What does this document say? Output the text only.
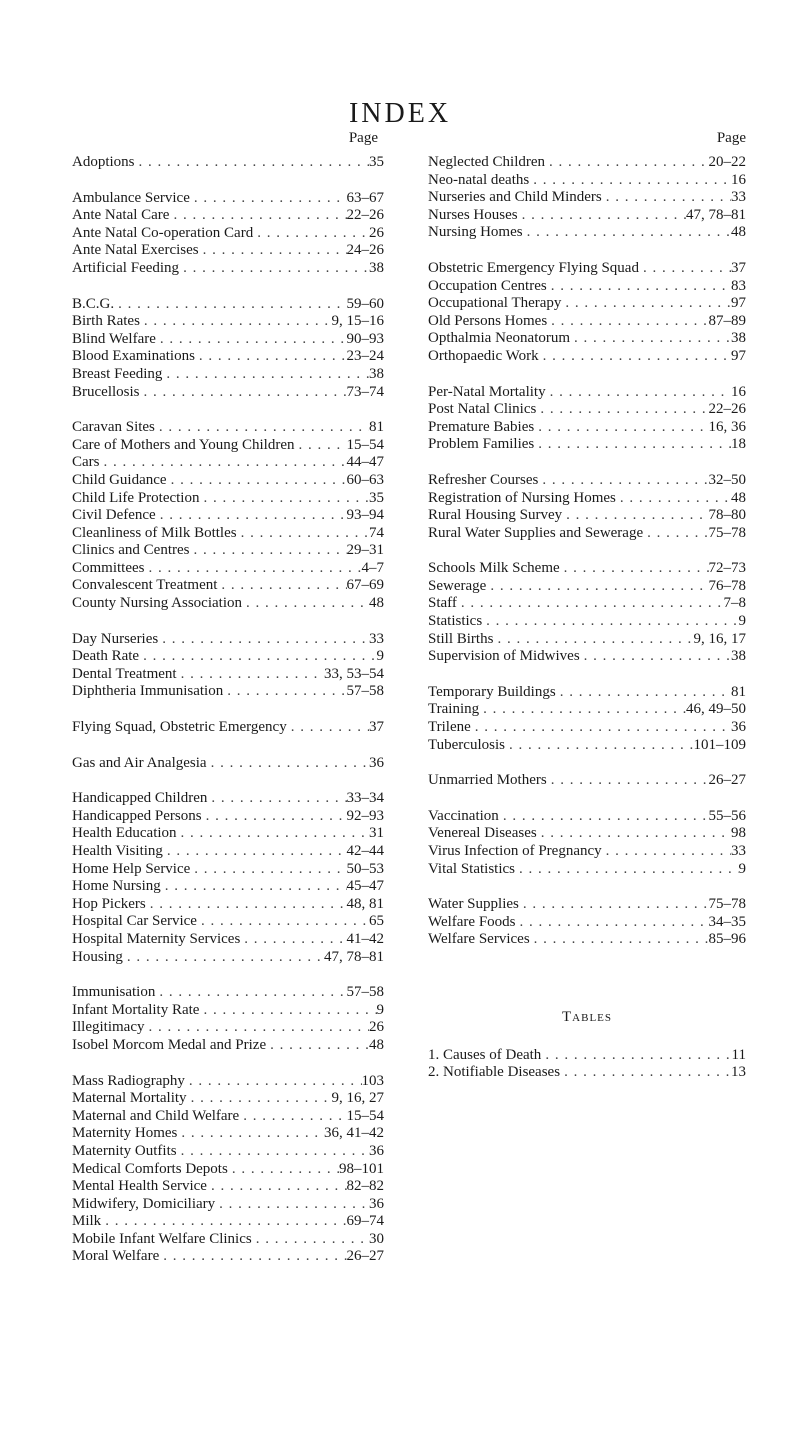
INDEX
Page
Adoptions . . .	35
Ambulance Service . . .	63–67
Ante Natal Care . . .	22–26
Ante Natal Co-operation Card . . .	26
Ante Natal Exercises . . .	24–26
Artificial Feeding . . .	38
B.C.G. . . .	59–60
Birth Rates . . .	9, 15–16
Blind Welfare . . .	90–93
Blood Examinations . . .	23–24
Breast Feeding . . .	38
Brucellosis . . .	73–74
Caravan Sites . . .	81
Care of Mothers and Young Children . . .	15–54
Cars . . .	44–47
Child Guidance . . .	60–63
Child Life Protection . . .	35
Civil Defence . . .	93–94
Cleanliness of Milk Bottles . . .	74
Clinics and Centres . . .	29–31
Committees . . .	4–7
Convalescent Treatment . . .	67–69
County Nursing Association . . .	48
Day Nurseries . . .	33
Death Rate . . .	9
Dental Treatment . . .	33, 53–54
Diphtheria Immunisation . . .	57–58
Flying Squad, Obstetric Emergency . . .	37
Gas and Air Analgesia . . .	36
Handicapped Children . . .	33–34
Handicapped Persons . . .	92–93
Health Education . . .	31
Health Visiting . . .	42–44
Home Help Service . . .	50–53
Home Nursing . . .	45–47
Hop Pickers . . .	48, 81
Hospital Car Service . . .	65
Hospital Maternity Services . . .	41–42
Housing . . .	47, 78–81
Immunisation . . .	57–58
Infant Mortality Rate . . .	9
Illegitimacy . . .	26
Isobel Morcom Medal and Prize . . .	48
Mass Radiography . . .	103
Maternal Mortality . . .	9, 16, 27
Maternal and Child Welfare . . .	15–54
Maternity Homes . . .	36, 41–42
Maternity Outfits . . .	36
Medical Comforts Depots . . .	98–101
Mental Health Service . . .	82–82
Midwifery, Domiciliary . . .	36
Milk . . .	69–74
Mobile Infant Welfare Clinics . . .	30
Moral Welfare . . .	26–27
Page
Neglected Children . . .	20–22
Neo-natal deaths . . .	16
Nurseries and Child Minders . . .	33
Nurses Houses . . .	47, 78–81
Nursing Homes . . .	48
Obstetric Emergency Flying Squad . . .	37
Occupation Centres . . .	83
Occupational Therapy . . .	97
Old Persons Homes . . .	87–89
Opthalmia Neonatorum . . .	38
Orthopaedic Work . . .	97
Per-Natal Mortality . . .	16
Post Natal Clinics . . .	22–26
Premature Babies . . .	16, 36
Problem Families . . .	18
Refresher Courses . . .	32–50
Registration of Nursing Homes . . .	48
Rural Housing Survey . . .	78–80
Rural Water Supplies and Sewerage . . .	75–78
Schools Milk Scheme . . .	72–73
Sewerage . . .	76–78
Staff . . .	7–8
Statistics . . .	9
Still Births . . .	9, 16, 17
Supervision of Midwives . . .	38
Temporary Buildings . . .	81
Training . . .	46, 49–50
Trilene . . .	36
Tuberculosis . . .	101–109
Unmarried Mothers . . .	26–27
Vaccination . . .	55–56
Venereal Diseases . . .	98
Virus Infection of Pregnancy . . .	33
Vital Statistics . . .	9
Water Supplies . . .	75–78
Welfare Foods . . .	34–35
Welfare Services . . .	85–96
Tables
1. Causes of Death . . .	11
2. Notifiable Diseases . . .	13
